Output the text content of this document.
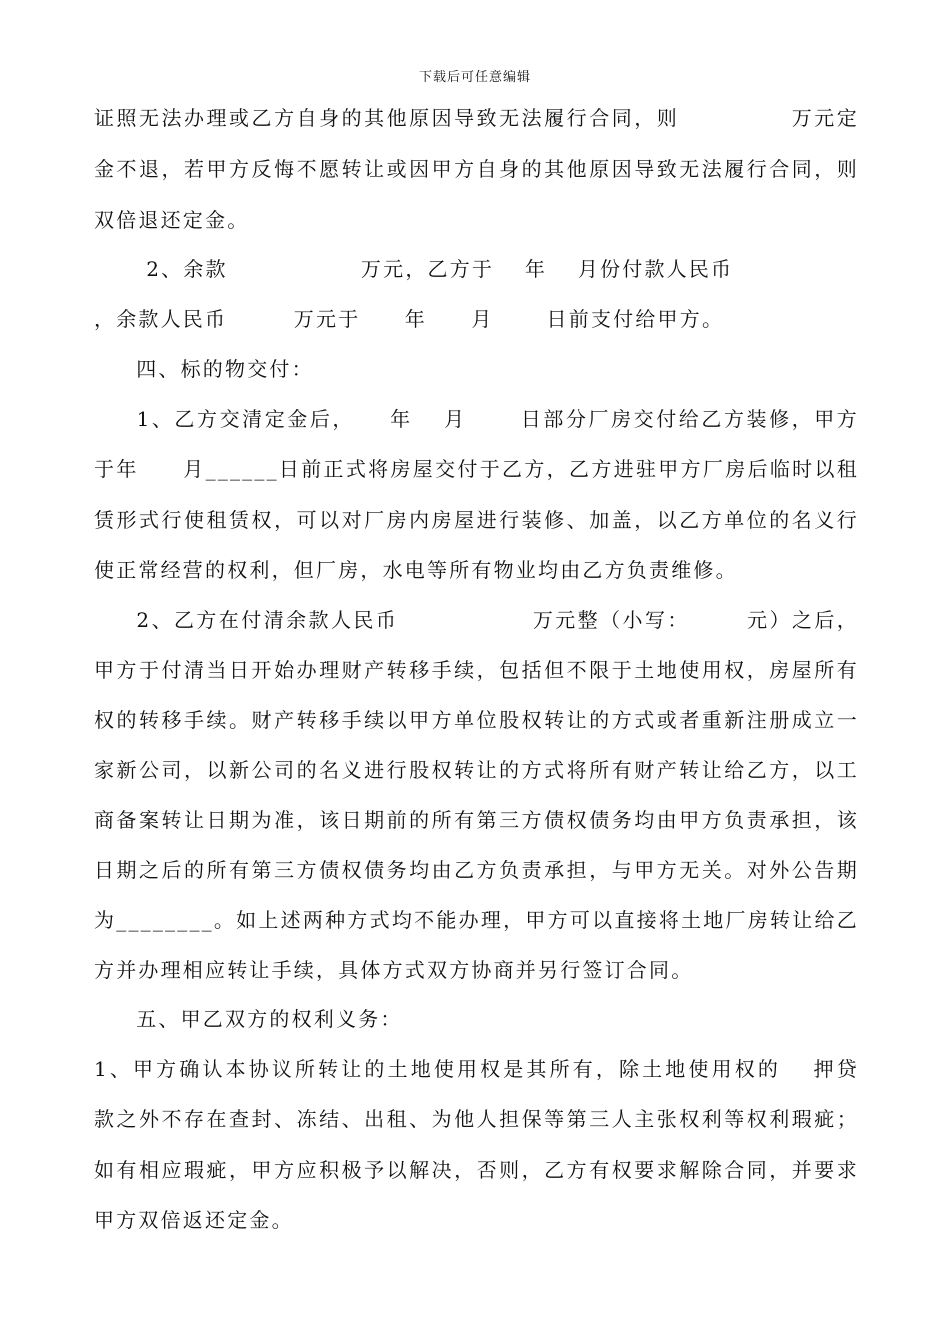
下载后可任意编辑
证照无法办理或乙方自身的其他原因导致无法履行合同，则　　　　　万元定
金不退，若甲方反悔不愿转让或因甲方自身的其他原因导致无法履行合同，则
双倍退还定金。
　2、余款　　　　　　万元，乙方于　 年　 月份付款人民币
，余款人民币　　　万元于　　年　　月　　 日前支付给甲方。
　四、标的物交付：
　1、乙方交清定金后，　　年　 月　　 日部分厂房交付给乙方装修，甲方
于年　　月______日前正式将房屋交付于乙方，乙方进驻甲方厂房后临时以租
赁形式行使租赁权，可以对厂房内房屋进行装修、加盖，以乙方单位的名义行
使正常经营的权利，但厂房，水电等所有物业均由乙方负责维修。
　2、乙方在付清余款人民币　　　　　　万元整（小写：　　　元）之后，
甲方于付清当日开始办理财产转移手续，包括但不限于土地使用权，房屋所有
权的转移手续。财产转移手续以甲方单位股权转让的方式或者重新注册成立一
家新公司，以新公司的名义进行股权转让的方式将所有财产转让给乙方，以工
商备案转让日期为准，该日期前的所有第三方债权债务均由甲方负责承担，该
日期之后的所有第三方债权债务均由乙方负责承担，与甲方无关。对外公告期
为________。如上述两种方式均不能办理，甲方可以直接将土地厂房转让给乙
方并办理相应转让手续，具体方式双方协商并另行签订合同。
　五、甲乙双方的权利义务：
1、甲方确认本协议所转让的土地使用权是其所有，除土地使用权的　 押贷
款之外不存在查封、冻结、出租、为他人担保等第三人主张权利等权利瑕疵；
如有相应瑕疵，甲方应积极予以解决，否则，乙方有权要求解除合同，并要求
甲方双倍返还定金。
